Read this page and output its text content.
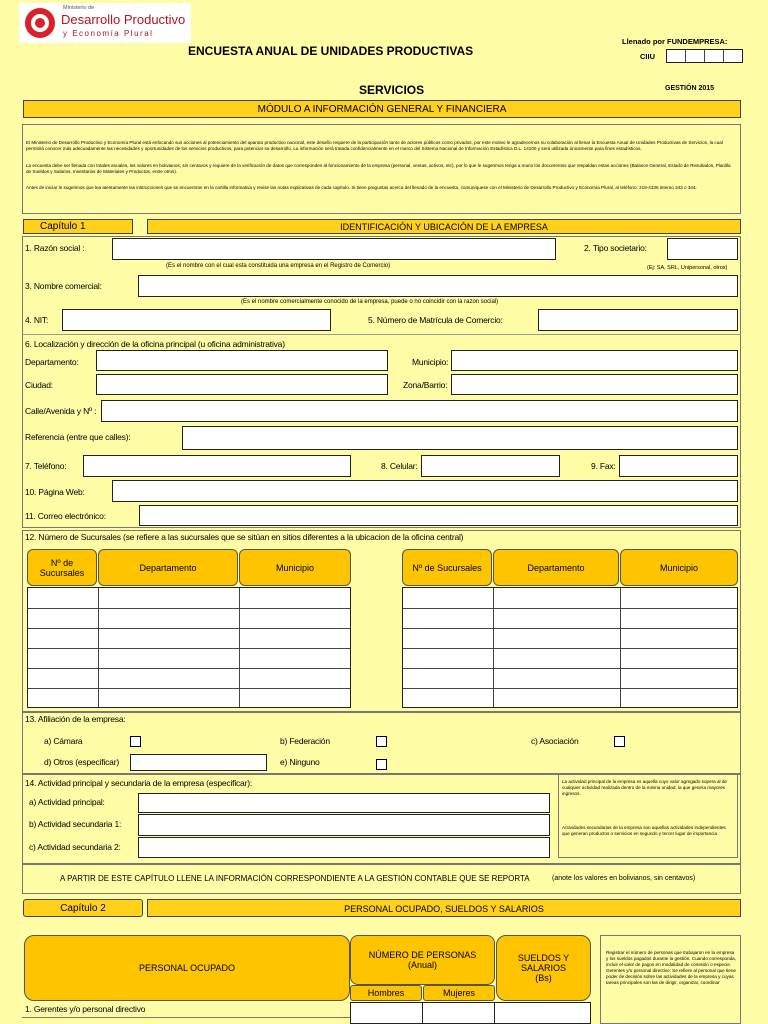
Ministerio de
Desarrollo Productivo
y Economía Plural
ENCUESTA ANUAL DE UNIDADES PRODUCTIVAS
Llenado por FUNDEMPRESA:
CIIU
SERVICIOS	GESTIÓN 2015
MÓDULO A INFORMACIÓN GENERAL Y FINANCIERA
El Ministerio de Desarrollo Productivo y Economía Plural está enfocando sus acciones al potenciamiento del aparato productivo nacional, este desafío requiere de la participación tanto de actores públicos como privados, por este motivo le agradecemos su colaboración al llenar la Encuesta Anual de Unidades Productivas de Servicios, la cual permitirá conocer más adecuadamente las necesidades y oportunidades de los servicios productivos, para potenciar su desarrollo. La información será tratada confidencialmente en el marco del Sistema Nacional de Información Estadística D.L. 14100 y será utilizada únicamente para fines estadísticos.
La encuesta debe ser llenada con totales anuales, los valores en bolivianos, sin centavos y requiere de la verificación de datos que corresponden al funcionamiento de la empresa (personal, ventas, activos, etc), por lo que le sugerimos tenga a mano los documentos que respaldan estas acciones (Balance General, Estado de Resultados, Planilla de Sueldos y Salarios, Inventarios de Materiales y Productos, entre otros).
Antes de iniciar le sugerimos que lea atentamente las instrucciones que se encuentran en la cartilla informativa y revise las notas explicativas de cada capítulo. Si tiene preguntas acerca del llenado de la encuesta, comuníquese con el Ministerio de Desarrollo Productivo y Economía Plural, al teléfono: 218-4336 interno 343 o 344.
Capítulo 1	IDENTIFICACIÓN Y UBICACIÓN DE LA EMPRESA
1. Razón social :	2. Tipo societario:
(Es el nombre con el cual esta constituida una empresa en el Registro de Comercio)	(Ej: SA, SRL, Unipersonal, otros)
3. Nombre comercial:
(Es el nombre comercialmente conocido de la empresa, puede o no coincidir con la razon social)
4. NIT:	5. Número de Matrícula de Comercio:
6. Localización y dirección de la oficina principal (u oficina administrativa)
Departamento:	Municipio:
Ciudad:	Zona/Barrio:
Calle/Avenida y Nº :
Referencia (entre que calles):
7. Teléfono:	8. Celular:	9. Fax:
10. Página Web:
11. Correo electrónico:
12. Número de Sucursales (se refiere a las sucursales que se sitúan en sitios diferentes a la ubicacion de la oficina central)
Nº de Sucursales	Departamento	Municipio	Nº de Sucursales	Departamento	Municipio
13. Afiliación de la empresa:
a) Cámara	b) Federación	c) Asociación
d) Otros (especificar)	e) Ninguno
14. Actividad principal y secundaria de la empresa (especificar):
a) Actividad principal:
b) Actividad secundaria 1:
c) Actividad secundaria 2:
La actividad principal de la empresa es aquella cuyo valor agregado supera al de cualquier actividad realizada dentro de la misma unidad, la que genera mayores ingresos.
Actividades secundarias de la empresa son aquellas actividades independientes que generan productos o servicios en segundo y tercer lugar de importancia .
A PARTIR DE ESTE CAPÍTULO LLENE LA INFORMACIÓN CORRESPONDIENTE A LA GESTIÓN CONTABLE QUE SE REPORTA	(anote los valores en bolivianos, sin centavos)
Capítulo 2	PERSONAL OCUPADO, SUELDOS Y SALARIOS
PERSONAL OCUPADO
NÚMERO DE PERSONAS
(Anual)
Hombres	Mujeres
SUELDOS Y SALARIOS
(Bs)
Registrar el número de personas que trabajaron en la empresa y los sueldos pagados durante la gestión. Cuando corresponda, incluir el valor de pagos en modalidad de comisión o especie. Gerentes y/o personal directivo: Se refiere al personal que tiene poder de decisión sobre las actividades de la empresa y cuyas tareas principales son las de dirigir, organizar, coordinar
1. Gerentes y/o personal directivo
